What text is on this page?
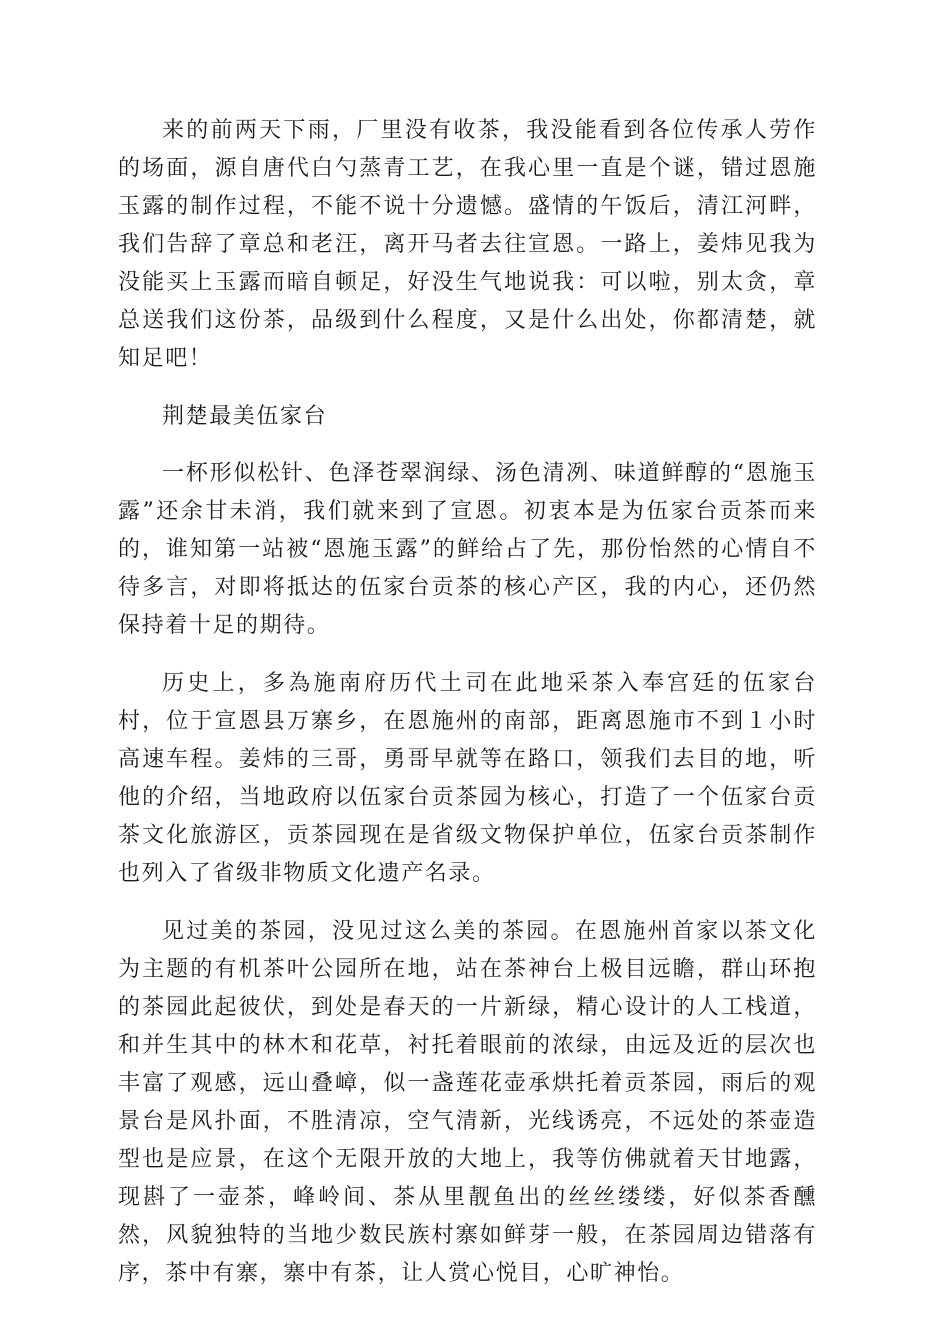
来的前两天下雨，厂里没有收茶，我没能看到各位传承人劳作的场面，源自唐代白勺蒸青工艺，在我心里一直是个谜，错过恩施玉露的制作过程，不能不说十分遗憾。盛情的午饭后，清江河畔，我们告辞了章总和老汪，离开马者去往宣恩。一路上，姜炜见我为没能买上玉露而暗自顿足，好没生气地说我：可以啦，别太贪，章总送我们这份茶，品级到什么程度，又是什么出处，你都清楚，就知足吧！

荆楚最美伍家台

一杯形似松针、色泽苍翠润绿、汤色清冽、味道鲜醇的“恩施玉露”还余甘未消，我们就来到了宣恩。初衷本是为伍家台贡茶而来的，谁知第一站被“恩施玉露”的鲜给占了先，那份怡然的心情自不待多言，对即将抵达的伍家台贡茶的核心产区，我的内心，还仍然保持着十足的期待。

历史上，多為施南府历代土司在此地采茶入奉宫廷的伍家台村，位于宣恩县万寨乡，在恩施州的南部，距离恩施市不到１小时高速车程。姜炜的三哥，勇哥早就等在路口，领我们去目的地，听他的介绍，当地政府以伍家台贡茶园为核心，打造了一个伍家台贡茶文化旅游区，贡茶园现在是省级文物保护单位，伍家台贡茶制作也列入了省级非物质文化遗产名录。

见过美的茶园，没见过这么美的茶园。在恩施州首家以茶文化为主题的有机茶叶公园所在地，站在茶神台上极目远瞻，群山环抱的茶园此起彼伏，到处是春天的一片新绿，精心设计的人工栈道，和并生其中的林木和花草，衬托着眼前的浓绿，由远及近的层次也丰富了观感，远山叠嶂，似一盏莲花壶承烘托着贡茶园，雨后的观景台是风扑面，不胜清凉，空气清新，光线诱亮，不远处的茶壶造型也是应景，在这个无限开放的大地上，我等仿佛就着天甘地露，现斟了一壶茶，峰岭间、茶从里靓鱼出的丝丝缕缕，好似茶香醺然，风貌独特的当地少数民族村寨如鲜芽一般，在茶园周边错落有序，茶中有寨，寨中有茶，让人赏心悦目，心旷神怡。
